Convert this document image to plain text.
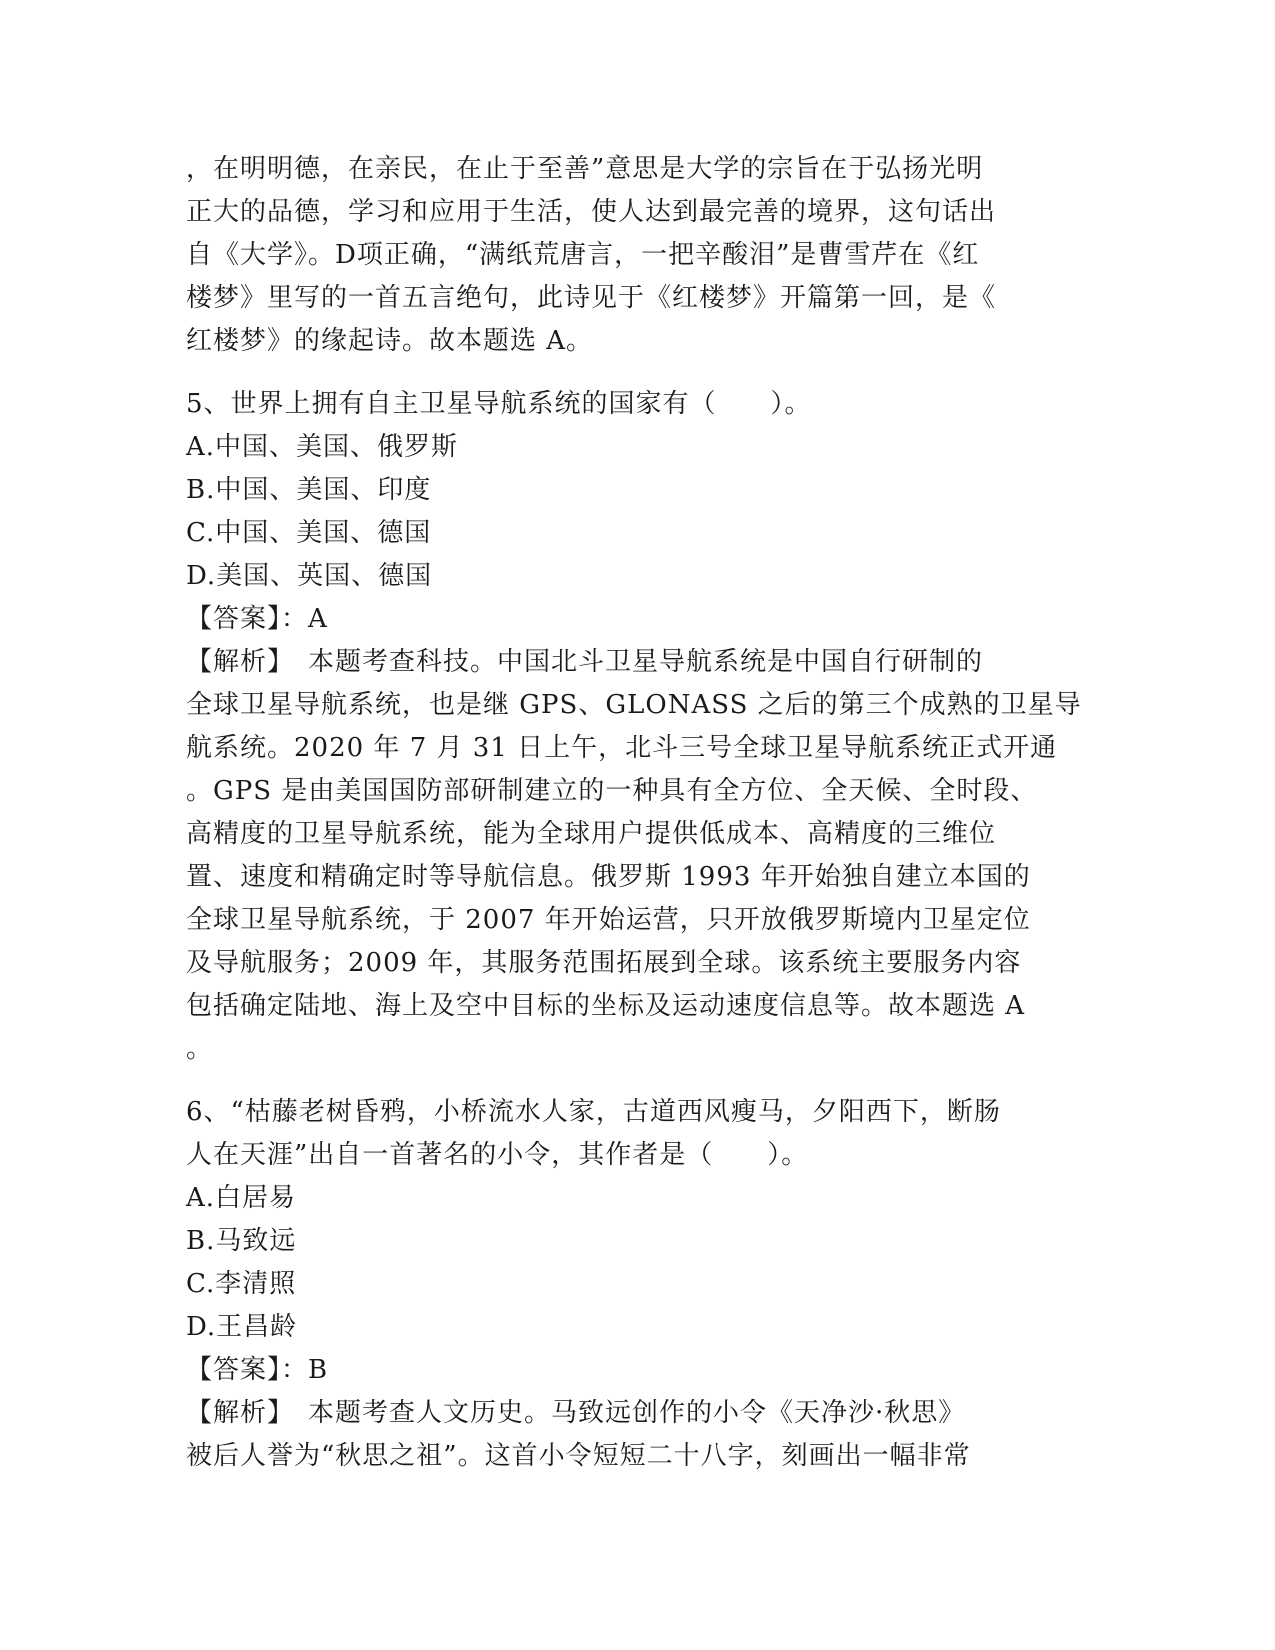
，在明明德，在亲民，在止于至善”意思是大学的宗旨在于弘扬光明
正大的品德，学习和应用于生活，使人达到最完善的境界，这句话出
自《大学》。D项正确，“满纸荒唐言，一把辛酸泪”是曹雪芹在《红
楼梦》里写的一首五言绝句，此诗见于《红楼梦》开篇第一回，是《
红楼梦》的缘起诗。故本题选 A。
5、世界上拥有自主卫星导航系统的国家有（　　）。
A.中国、美国、俄罗斯
B.中国、美国、印度
C.中国、美国、德国
D.美国、英国、德国
【答案】：A
【解析】　本题考查科技。中国北斗卫星导航系统是中国自行研制的
全球卫星导航系统，也是继 GPS、GLONASS 之后的第三个成熟的卫星导
航系统。2020 年 7 月 31 日上午，北斗三号全球卫星导航系统正式开通
。GPS 是由美国国防部研制建立的一种具有全方位、全天候、全时段、
高精度的卫星导航系统，能为全球用户提供低成本、高精度的三维位
置、速度和精确定时等导航信息。俄罗斯 1993 年开始独自建立本国的
全球卫星导航系统，于 2007 年开始运营，只开放俄罗斯境内卫星定位
及导航服务；2009 年，其服务范围拓展到全球。该系统主要服务内容
包括确定陆地、海上及空中目标的坐标及运动速度信息等。故本题选 A
。
6、“枯藤老树昏鸦，小桥流水人家，古道西风瘦马，夕阳西下，断肠
人在天涯”出自一首著名的小令，其作者是（　　）。
A.白居易
B.马致远
C.李清照
D.王昌龄
【答案】：B
【解析】　本题考查人文历史。马致远创作的小令《天净沙·秋思》
被后人誉为“秋思之祖”。这首小令短短二十八字，刻画出一幅非常
